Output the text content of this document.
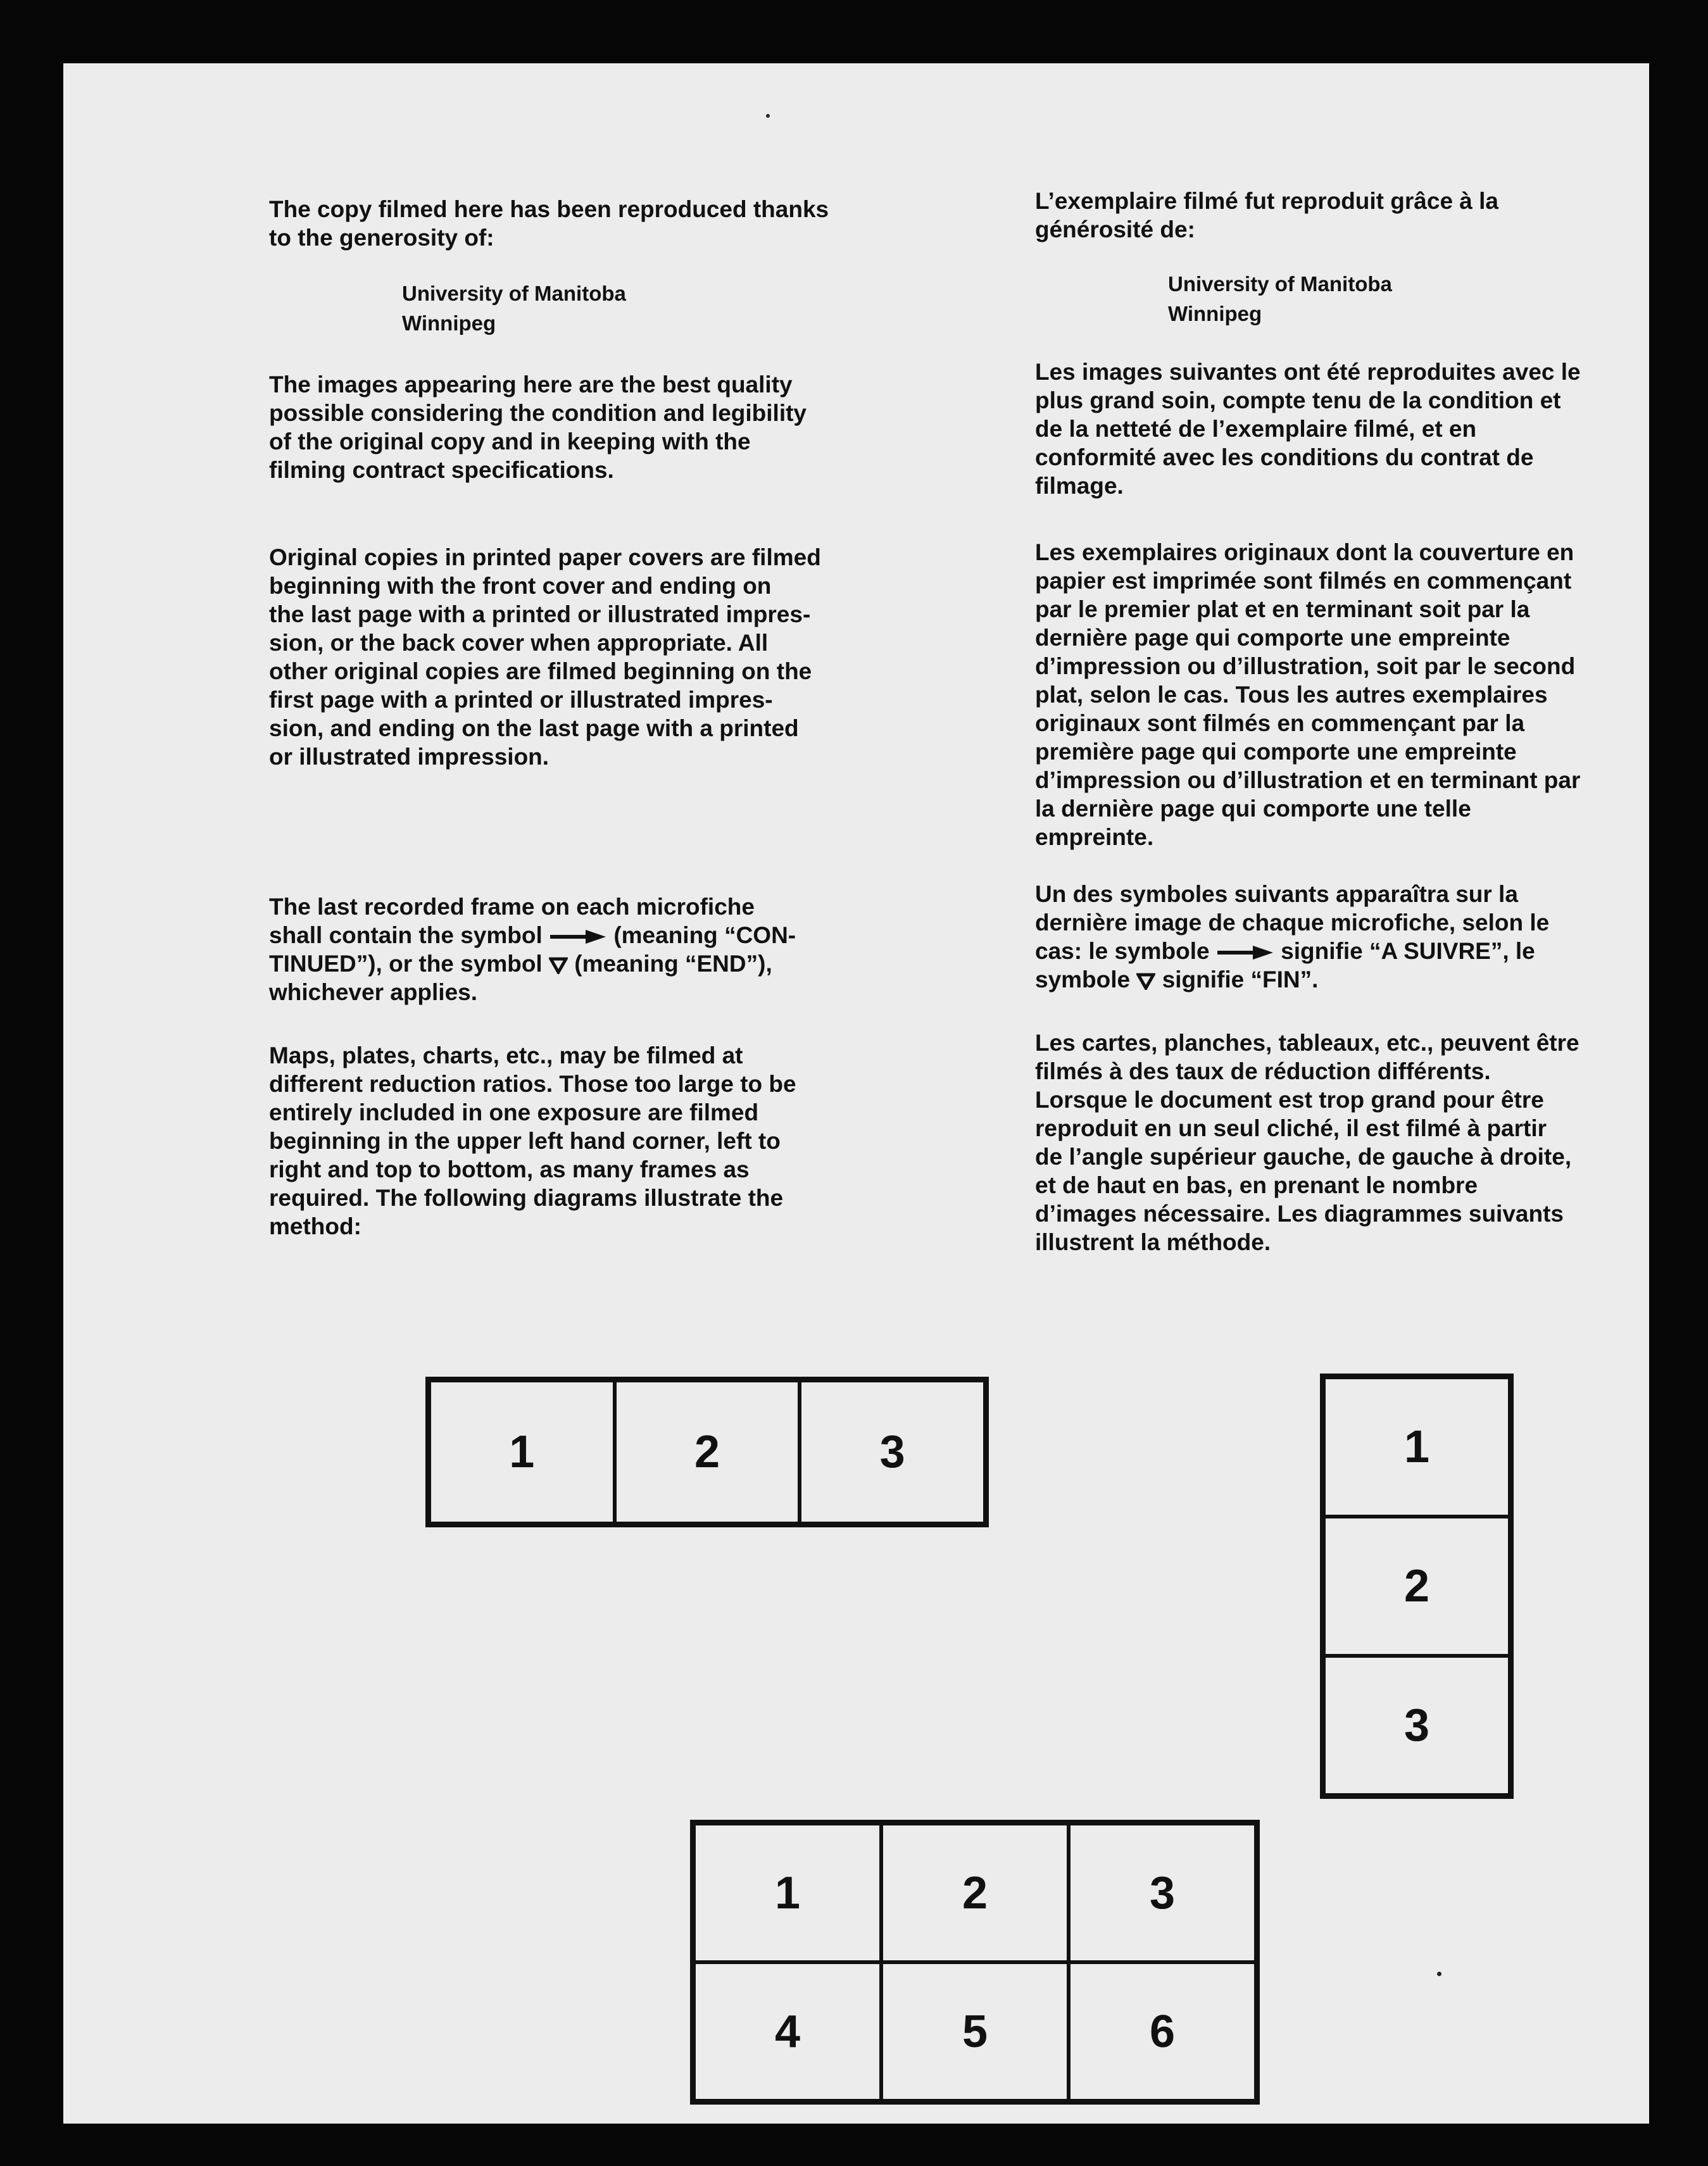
The copy filmed here has been reproduced thanks

to the generosity of:

University of Manitoba

Winnipeg

The images appearing here are the best quality

possible considering the condition and legibility

of the original copy and in keeping with the

filming contract specifications.

Original copies in printed paper covers are filmed

beginning with the front cover and ending on

the last page with a printed or illustrated impres-

sion, or the back cover when appropriate. All

other original copies are filmed beginning on the

first page with a printed or illustrated impres-

sion, and ending on the last page with a printed

or illustrated impression.

The last recorded frame on each microfiche

shall contain the symbol	(meaning “CON-

TINUED”), or the symbol (meaning “END”),

whichever applies.

Maps, plates, charts, etc., may be filmed at

different reduction ratios. Those too large to be

entirely included in one exposure are filmed

beginning in the upper left hand corner, left to

right and top to bottom, as many frames as

required. The following diagrams illustrate the

method:

L’exemplaire filmé fut reproduit grâce à la

générosité de:

University of Manitoba

Winnipeg

Les images suivantes ont été reproduites avec le

plus grand soin, compte tenu de la condition et

de la netteté de l’exemplaire filmé, et en

conformité avec les conditions du contrat de

filmage.

Les exemplaires originaux dont la couverture en

papier est imprimée sont filmés en commençant

par le premier plat et en terminant soit par la

dernière page qui comporte une empreinte

d’impression ou d’illustration, soit par le second

plat, selon le cas. Tous les autres exemplaires

originaux sont filmés en commençant par la

première page qui comporte une empreinte

d’impression ou d’illustration et en terminant par

la dernière page qui comporte une telle

empreinte.

Un des symboles suivants apparaîtra sur la

dernière image de chaque microfiche, selon le

cas: le symbole	signifie “A SUIVRE”, le

symbole signifie “FIN”.

Les cartes, planches, tableaux, etc., peuvent être

filmés à des taux de réduction différents.

Lorsque le document est trop grand pour être

reproduit en un seul cliché, il est filmé à partir

de l’angle supérieur gauche, de gauche à droite,

et de haut en bas, en prenant le nombre

d’images nécessaire. Les diagrammes suivants

illustrent la méthode.

1	2	3	1
2
3
1	2	3
4	5	6
